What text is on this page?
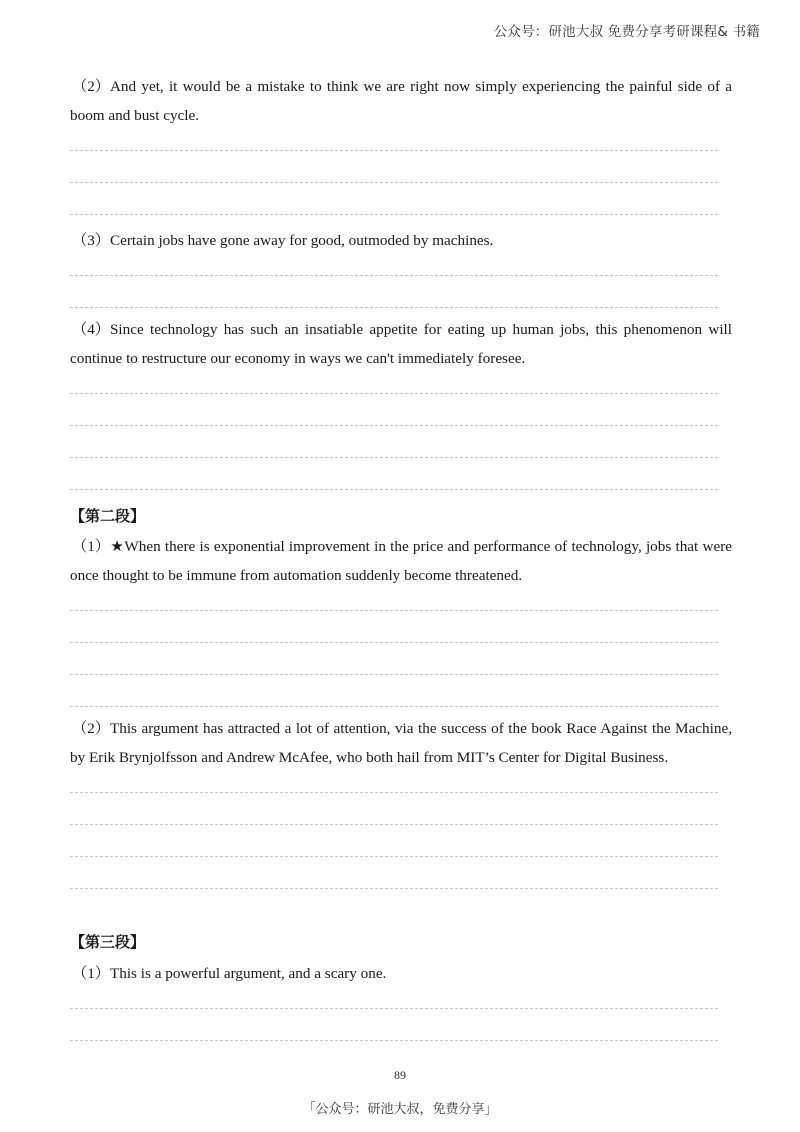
公众号：研池大叔 免费分享考研课程& 书籍

（2）And yet, it would be a mistake to think we are right now simply experiencing the painful side of a boom and bust cycle.

（3）Certain jobs have gone away for good, outmoded by machines.

（4）Since technology has such an insatiable appetite for eating up human jobs, this phenomenon will continue to restructure our economy in ways we can't immediately foresee.

【第二段】

（1）★When there is exponential improvement in the price and performance of technology, jobs that were once thought to be immune from automation suddenly become threatened.

（2）This argument has attracted a lot of attention, via the success of the book Race Against the Machine, by Erik Brynjolfsson and Andrew McAfee, who both hail from MIT’s Center for Digital Business.

【第三段】

（1）This is a powerful argument, and a scary one.

89
「公众号：研池大叔，免费分享」
